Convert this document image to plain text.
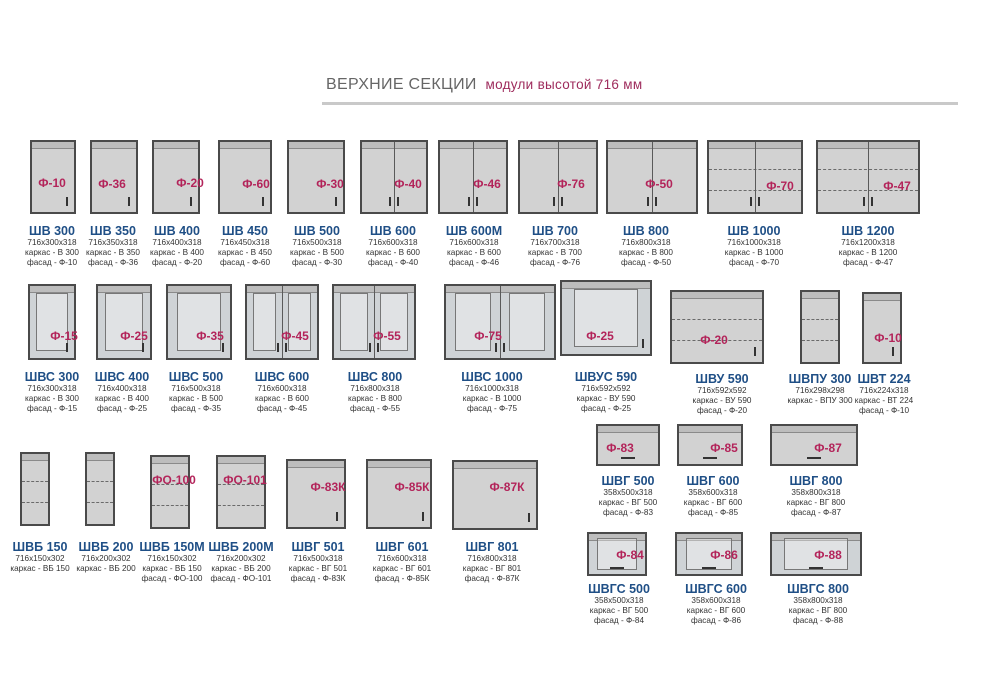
ВЕРХНИЕ СЕКЦИИ модули высотой 716 мм
Ф-10
ШВ 300
716x300x318
каркас - В 300
фасад - Ф-10
Ф-36
ШВ 350
716x350x318
каркас - В 350
фасад - Ф-36
Ф-20
ШВ 400
716x400x318
каркас - В 400
фасад - Ф-20
Ф-60
ШВ 450
716x450x318
каркас - В 450
фасад - Ф-60
Ф-30
ШВ 500
716x500x318
каркас - В 500
фасад - Ф-30
Ф-40
ШВ 600
716x600x318
каркас - В 600
фасад - Ф-40
Ф-46
ШВ 600М
716x600x318
каркас - В 600
фасад - Ф-46
Ф-76
ШВ 700
716x700x318
каркас - В 700
фасад - Ф-76
Ф-50
ШВ 800
716x800x318
каркас - В 800
фасад - Ф-50
Ф-70
ШВ 1000
716x1000x318
каркас - В 1000
фасад - Ф-70
Ф-47
ШВ 1200
716x1200x318
каркас - В 1200
фасад - Ф-47
Ф-15
ШВС 300
716x300x318
каркас - В 300
фасад - Ф-15
Ф-25
ШВС 400
716x400x318
каркас - В 400
фасад - Ф-25
Ф-35
ШВС 500
716x500x318
каркас - В 500
фасад - Ф-35
Ф-45
ШВС 600
716x600x318
каркас - В 600
фасад - Ф-45
Ф-55
ШВС 800
716x800x318
каркас - В 800
фасад - Ф-55
Ф-75
ШВС 1000
716x1000x318
каркас - В 1000
фасад - Ф-75
Ф-25
ШВУС 590
716x592x592
каркас - ВУ 590
фасад - Ф-25
Ф-20
ШВУ 590
716x592x592
каркас - ВУ 590
фасад - Ф-20
ШВПУ 300
716x298x298
каркас - ВПУ 300
Ф-10
ШВТ 224
716x224x318
каркас - ВТ 224
фасад - Ф-10
ШВБ 150
716x150x302
каркас - ВБ 150
ШВБ 200
716x200x302
каркас - ВБ 200
ФО-100
ШВБ 150М
716x150x302
каркас - ВБ 150
фасад - ФО-100
ФО-101
ШВБ 200М
716x200x302
каркас - ВБ 200
фасад - ФО-101
Ф-83К
ШВГ 501
716x500x318
каркас - ВГ 501
фасад - Ф-83К
Ф-85К
ШВГ 601
716x600x318
каркас - ВГ 601
фасад - Ф-85К
Ф-87К
ШВГ 801
716x800x318
каркас - ВГ 801
фасад - Ф-87К
Ф-83
ШВГ 500
358x500x318
каркас - ВГ 500
фасад - Ф-83
Ф-85
ШВГ 600
358x600x318
каркас - ВГ 600
фасад - Ф-85
Ф-87
ШВГ 800
358x800x318
каркас - ВГ 800
фасад - Ф-87
Ф-84
ШВГС 500
358x500x318
каркас - ВГ 500
фасад - Ф-84
Ф-86
ШВГС 600
358x600x318
каркас - ВГ 600
фасад - Ф-86
Ф-88
ШВГС 800
358x800x318
каркас - ВГ 800
фасад - Ф-88
